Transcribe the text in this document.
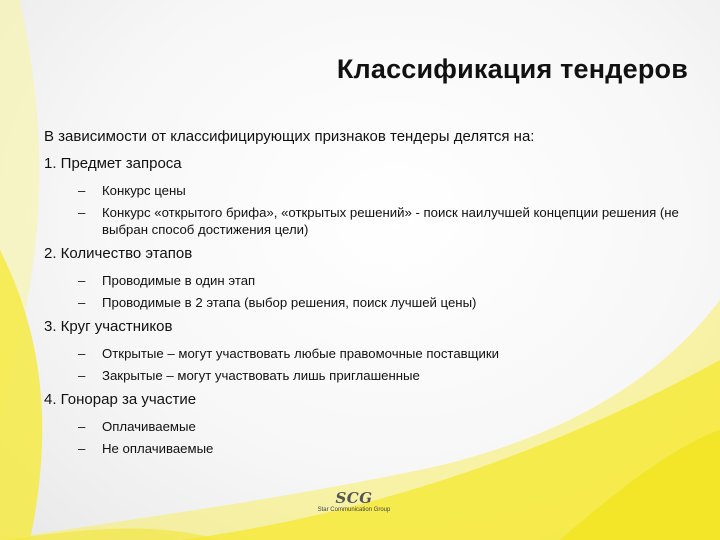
Классификация тендеров

В зависимости от классифицирующих признаков тендеры делятся на:

1. Предмет запроса

– Конкурс цены
– Конкурс «открытого брифа», «открытых решений» - поиск наилучшей концепции решения (не выбран способ достижения цели)

2. Количество этапов

– Проводимые в один этап
– Проводимые в 2 этапа (выбор решения, поиск лучшей цены)

3. Круг участников

– Открытые – могут участвовать любые правомочные поставщики
– Закрытые – могут участвовать лишь приглашенные

4. Гонорар за участие

– Оплачиваемые
– Не оплачиваемые
SCG
Star Communication Group
